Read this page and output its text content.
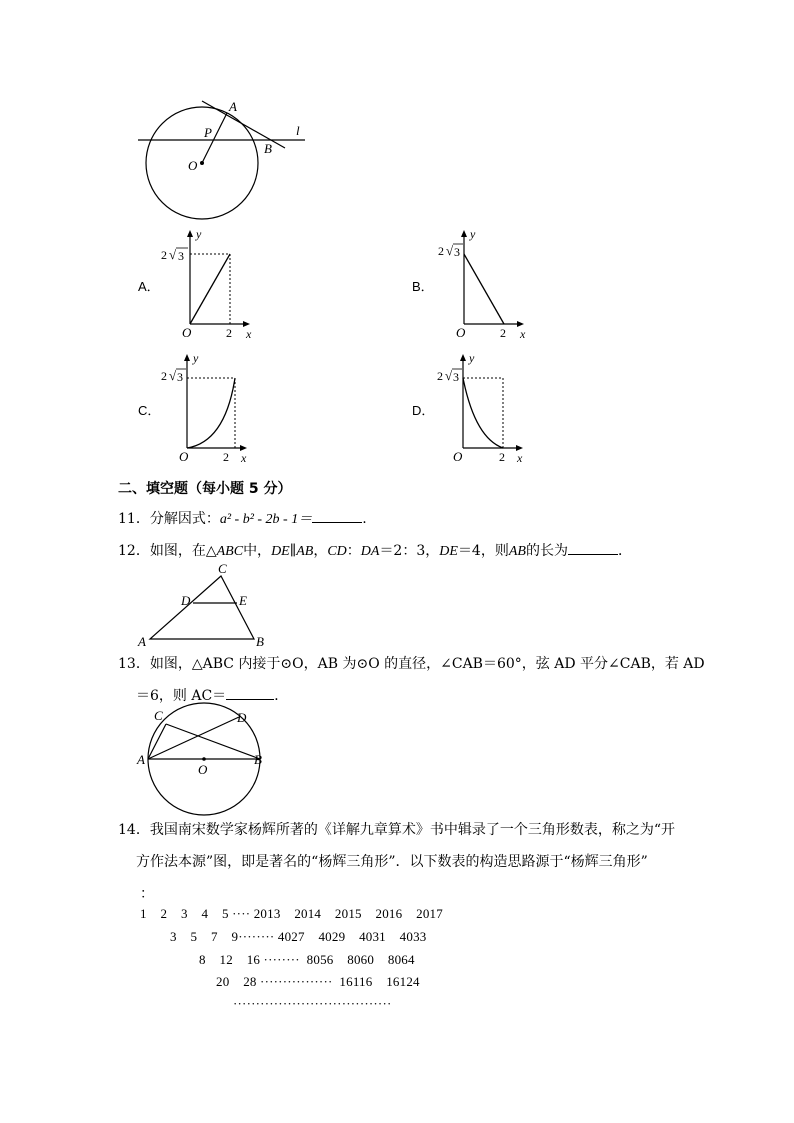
A
P	l
O
B
A．
2 √ 3
y
O	2 x
B．
2 √ 3
y
O	2 x
C．
2 √ 3
y
O	2 x
D．
2 √ 3
y
O	2 x
二、填空题（每小题 5 分）
11．分解因式：a² - b² - 2b - 1＝	.
12．如图，在△ABC中，DE∥AB，CD：DA＝2：3，DE＝4，则AB的长为	．
C
D	E
A	B
13．如图，△ABC 内接于⊙O，AB 为⊙O 的直径，∠CAB＝60°，弦 AD 平分∠CAB，若 AD
＝6，则 AC＝	．
C	D
A
O
B
14．我国南宋数学家杨辉所著的《详解九章算术》书中辑录了一个三角形数表，称之为“开
方作法本源”图，即是著名的“杨辉三角形”．以下数表的构造思路源于“杨辉三角形”
：
1    2    3    4    5 ···· 2013    2014    2015    2016    2017
3    5    7    9········ 4027    4029    4031    4033
8    12    16 ········  8056    8060    8064
20    28 ················  16116    16124
···································
